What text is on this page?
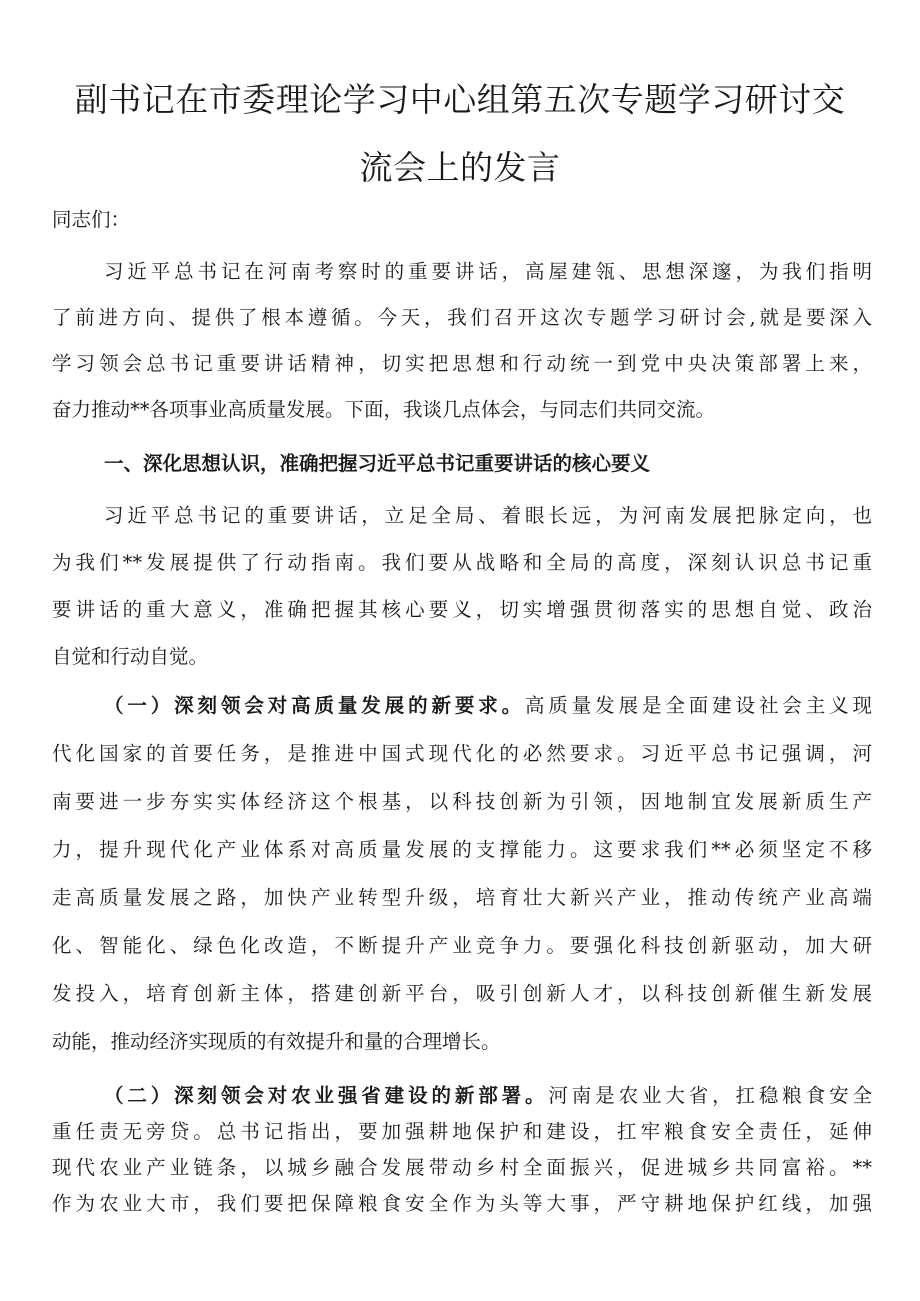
副书记在市委理论学习中心组第五次专题学习研讨交
流会上的发言

同志们：

习近平总书记在河南考察时的重要讲话，高屋建瓴、思想深邃，为我们指明

了前进方向、提供了根本遵循。今天，我们召开这次专题学习研讨会,就是要深入

学习领会总书记重要讲话精神，切实把思想和行动统一到党中央决策部署上来，

奋力推动**各项事业高质量发展。下面，我谈几点体会，与同志们共同交流。

一、深化思想认识，准确把握习近平总书记重要讲话的核心要义

习近平总书记的重要讲话，立足全局、着眼长远，为河南发展把脉定向，也

为我们**发展提供了行动指南。我们要从战略和全局的高度，深刻认识总书记重

要讲话的重大意义，准确把握其核心要义，切实增强贯彻落实的思想自觉、政治

自觉和行动自觉。

（一）深刻领会对高质量发展的新要求。高质量发展是全面建设社会主义现

代化国家的首要任务，是推进中国式现代化的必然要求。习近平总书记强调，河

南要进一步夯实实体经济这个根基，以科技创新为引领，因地制宜发展新质生产

力，提升现代化产业体系对高质量发展的支撑能力。这要求我们**必须坚定不移

走高质量发展之路，加快产业转型升级，培育壮大新兴产业，推动传统产业高端

化、智能化、绿色化改造，不断提升产业竞争力。要强化科技创新驱动，加大研

发投入，培育创新主体，搭建创新平台，吸引创新人才，以科技创新催生新发展

动能，推动经济实现质的有效提升和量的合理增长。

（二）深刻领会对农业强省建设的新部署。河南是农业大省，扛稳粮食安全

重任责无旁贷。总书记指出，要加强耕地保护和建设，扛牢粮食安全责任，延伸

现代农业产业链条，以城乡融合发展带动乡村全面振兴，促进城乡共同富裕。**

作为农业大市，我们要把保障粮食安全作为头等大事，严守耕地保护红线，加强
